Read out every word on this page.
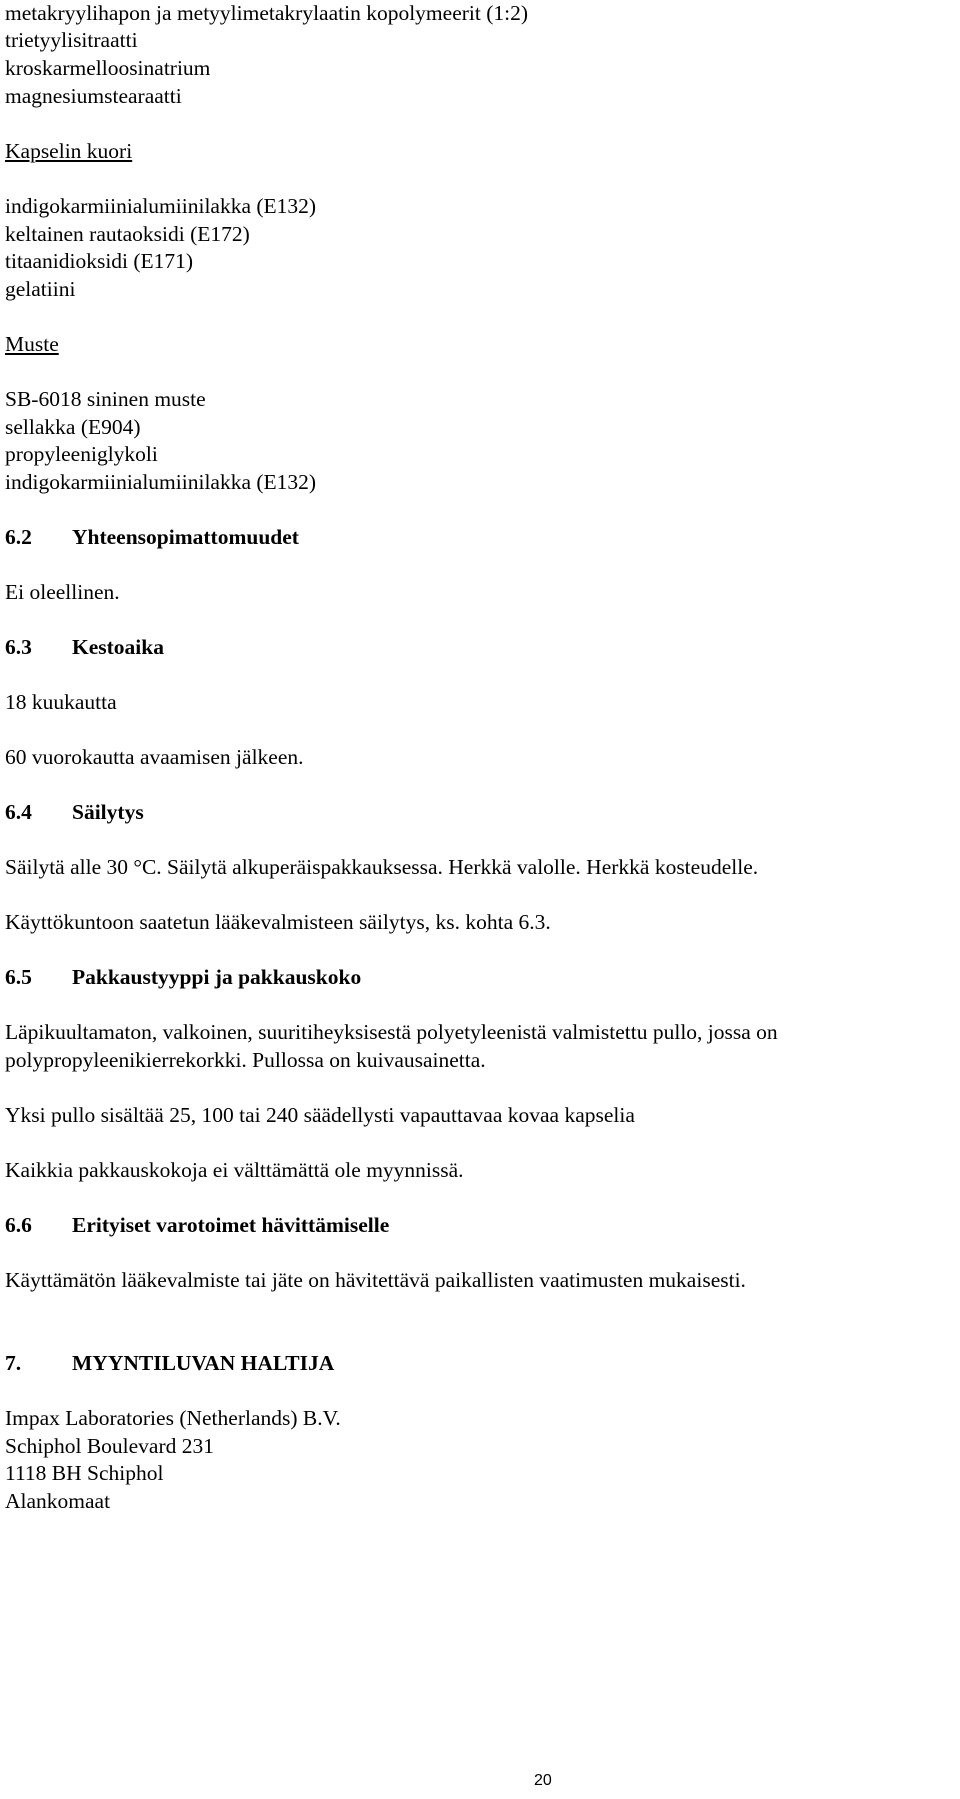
metakryylihapon ja metyylimetakrylaatin kopolymeerit (1:2)

trietyylisitraatti

kroskarmelloosinatrium

magnesiumstearaatti

Kapselin kuori

indigokarmiinialumiinilakka (E132)

keltainen rautaoksidi (E172)

titaanidioksidi (E171)

gelatiini

Muste

SB-6018 sininen muste

sellakka (E904)

propyleeniglykoli

indigokarmiinialumiinilakka (E132)

6.2 Yhteensopimattomuudet

Ei oleellinen.

6.3 Kestoaika

18 kuukautta

60 vuorokautta avaamisen jälkeen.

6.4 Säilytys

Säilytä alle 30 °C. Säilytä alkuperäispakkauksessa. Herkkä valolle. Herkkä kosteudelle.

Käyttökuntoon saatetun lääkevalmisteen säilytys, ks. kohta 6.3.

6.5 Pakkaustyyppi ja pakkauskoko

Läpikuultamaton, valkoinen, suuritiheyksisestä polyetyleenistä valmistettu pullo, jossa on

polypropyleenikierrekorkki. Pullossa on kuivausainetta.

Yksi pullo sisältää 25, 100 tai 240 säädellysti vapauttavaa kovaa kapselia

Kaikkia pakkauskokoja ei välttämättä ole myynnissä.

6.6 Erityiset varotoimet hävittämiselle

Käyttämätön lääkevalmiste tai jäte on hävitettävä paikallisten vaatimusten mukaisesti.

7. MYYNTILUVAN HALTIJA

Impax Laboratories (Netherlands) B.V.

Schiphol Boulevard 231

1118 BH Schiphol

Alankomaat

20
